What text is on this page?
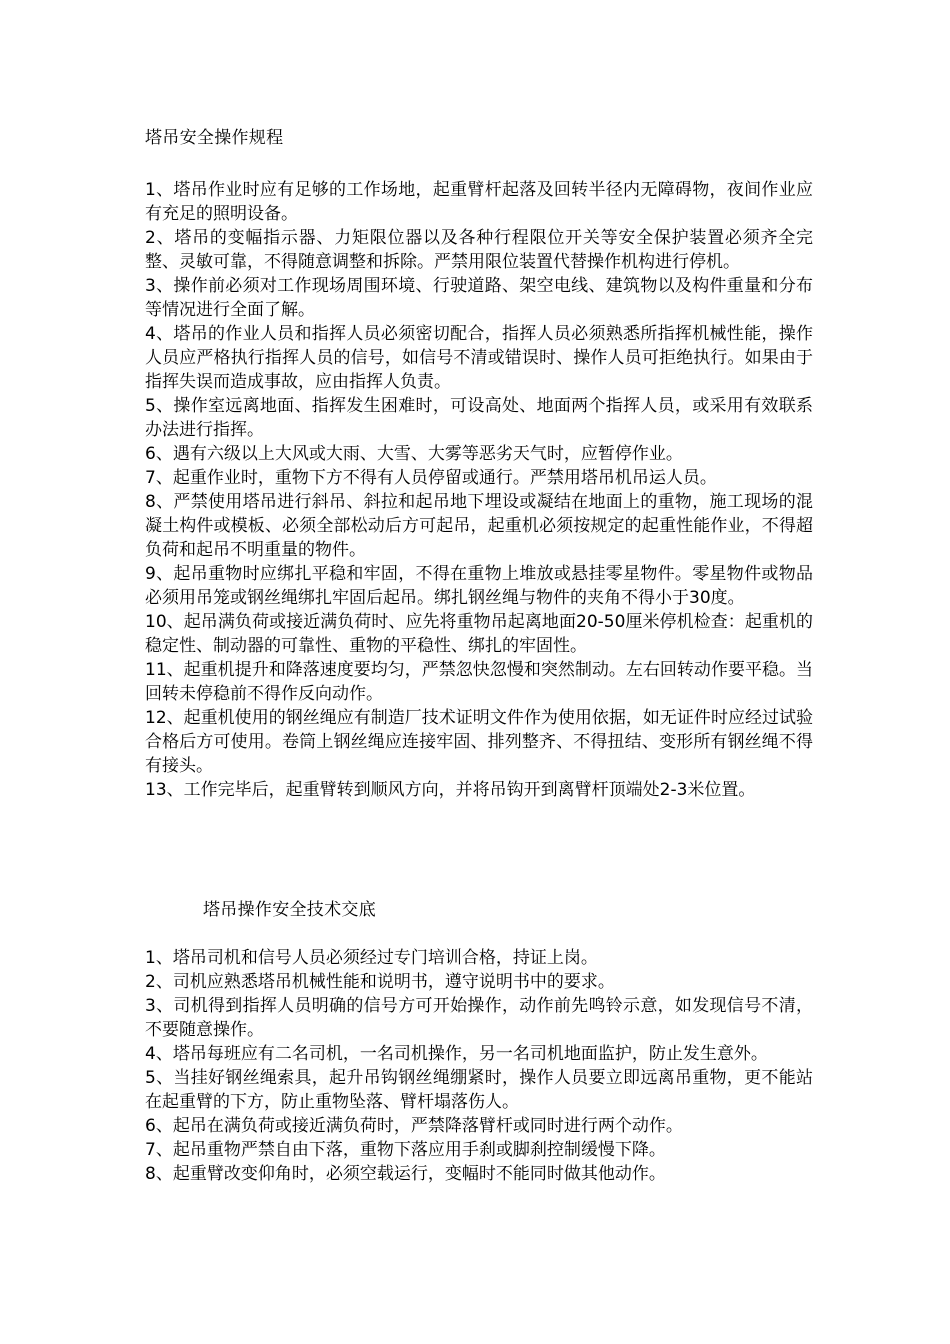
塔吊安全操作规程

1、塔吊作业时应有足够的工作场地，起重臂杆起落及回转半径内无障碍物，夜间作业应有充足的照明设备。

2、塔吊的变幅指示器、力矩限位器以及各种行程限位开关等安全保护装置必须齐全完整、灵敏可靠，不得随意调整和拆除。严禁用限位装置代替操作机构进行停机。

3、操作前必须对工作现场周围环境、行驶道路、架空电线、建筑物以及构件重量和分布等情况进行全面了解。

4、塔吊的作业人员和指挥人员必须密切配合，指挥人员必须熟悉所指挥机械性能，操作人员应严格执行指挥人员的信号，如信号不清或错误时、操作人员可拒绝执行。如果由于指挥失误而造成事故，应由指挥人负责。

5、操作室远离地面、指挥发生困难时，可设高处、地面两个指挥人员，或采用有效联系办法进行指挥。

6、遇有六级以上大风或大雨、大雪、大雾等恶劣天气时，应暂停作业。

7、起重作业时，重物下方不得有人员停留或通行。严禁用塔吊机吊运人员。

8、严禁使用塔吊进行斜吊、斜拉和起吊地下埋设或凝结在地面上的重物，施工现场的混凝土构件或模板、必须全部松动后方可起吊，起重机必须按规定的起重性能作业，不得超负荷和起吊不明重量的物件。

9、起吊重物时应绑扎平稳和牢固，不得在重物上堆放或悬挂零星物件。零星物件或物品必须用吊笼或钢丝绳绑扎牢固后起吊。绑扎钢丝绳与物件的夹角不得小于30度。

10、起吊满负荷或接近满负荷时、应先将重物吊起离地面20-50厘米停机检查：起重机的稳定性、制动器的可靠性、重物的平稳性、绑扎的牢固性。

11、起重机提升和降落速度要均匀，严禁忽快忽慢和突然制动。左右回转动作要平稳。当回转未停稳前不得作反向动作。

12、起重机使用的钢丝绳应有制造厂技术证明文件作为使用依据，如无证件时应经过试验合格后方可使用。卷筒上钢丝绳应连接牢固、排列整齐、不得扭结、变形所有钢丝绳不得有接头。

13、工作完毕后，起重臂转到顺风方向，并将吊钩开到离臂杆顶端处2-3米位置。

塔吊操作安全技术交底

1、塔吊司机和信号人员必须经过专门培训合格，持证上岗。

2、司机应熟悉塔吊机械性能和说明书，遵守说明书中的要求。

3、司机得到指挥人员明确的信号方可开始操作，动作前先鸣铃示意，如发现信号不清，不要随意操作。

4、塔吊每班应有二名司机，一名司机操作，另一名司机地面监护，防止发生意外。

5、当挂好钢丝绳索具，起升吊钩钢丝绳绷紧时，操作人员要立即远离吊重物，更不能站在起重臂的下方，防止重物坠落、臂杆塌落伤人。

6、起吊在满负荷或接近满负荷时，严禁降落臂杆或同时进行两个动作。

7、起吊重物严禁自由下落，重物下落应用手刹或脚刹控制缓慢下降。

8、起重臂改变仰角时，必须空载运行，变幅时不能同时做其他动作。
